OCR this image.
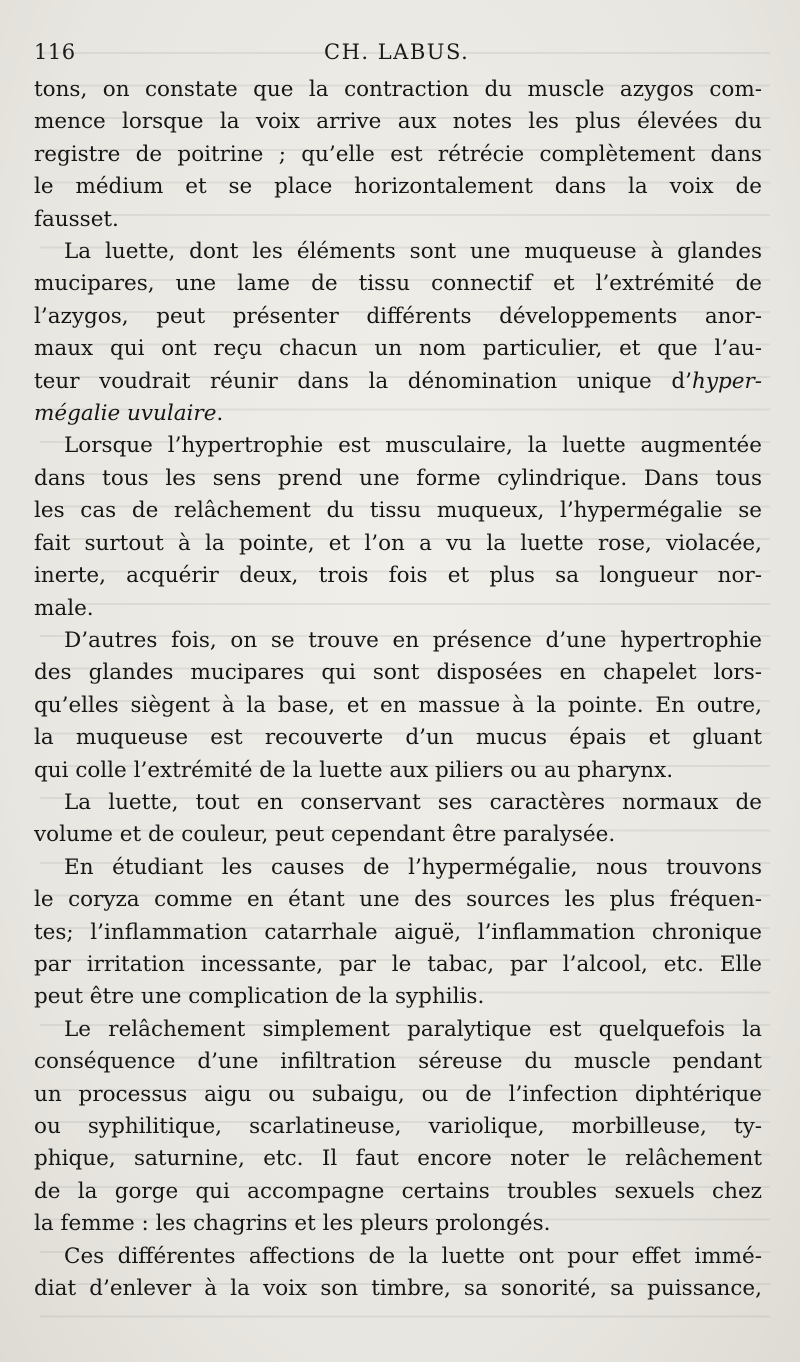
116	CH. LABUS.

tons, on constate que la contraction du muscle azygos com-
mence lorsque la voix arrive aux notes les plus élevées du
registre de poitrine ; qu’elle est rétrécie complètement dans
le médium et se place horizontalement dans la voix de
fausset.

La luette, dont les éléments sont une muqueuse à glandes
mucipares, une lame de tissu connectif et l’extrémité de
l’azygos, peut présenter différents développements anor-
maux qui ont reçu chacun un nom particulier, et que l’au-
teur voudrait réunir dans la dénomination unique d’hyper-
mégalie uvulaire.

Lorsque l’hypertrophie est musculaire, la luette augmentée
dans tous les sens prend une forme cylindrique. Dans tous
les cas de relâchement du tissu muqueux, l’hypermégalie se
fait surtout à la pointe, et l’on a vu la luette rose, violacée,
inerte, acquérir deux, trois fois et plus sa longueur nor-
male.

D’autres fois, on se trouve en présence d’une hypertrophie
des glandes mucipares qui sont disposées en chapelet lors-
qu’elles siègent à la base, et en massue à la pointe. En outre,
la muqueuse est recouverte d’un mucus épais et gluant
qui colle l’extrémité de la luette aux piliers ou au pharynx.

La luette, tout en conservant ses caractères normaux de
volume et de couleur, peut cependant être paralysée.

En étudiant les causes de l’hypermégalie, nous trouvons
le coryza comme en étant une des sources les plus fréquen-
tes; l’inflammation catarrhale aiguë, l’inflammation chronique
par irritation incessante, par le tabac, par l’alcool, etc. Elle
peut être une complication de la syphilis.

Le relâchement simplement paralytique est quelquefois la
conséquence d’une infiltration séreuse du muscle pendant
un processus aigu ou subaigu, ou de l’infection diphtérique
ou syphilitique, scarlatineuse, variolique, morbilleuse, ty-
phique, saturnine, etc. Il faut encore noter le relâchement
de la gorge qui accompagne certains troubles sexuels chez
la femme : les chagrins et les pleurs prolongés.

Ces différentes affections de la luette ont pour effet immé-
diat d’enlever à la voix son timbre, sa sonorité, sa puissance,
